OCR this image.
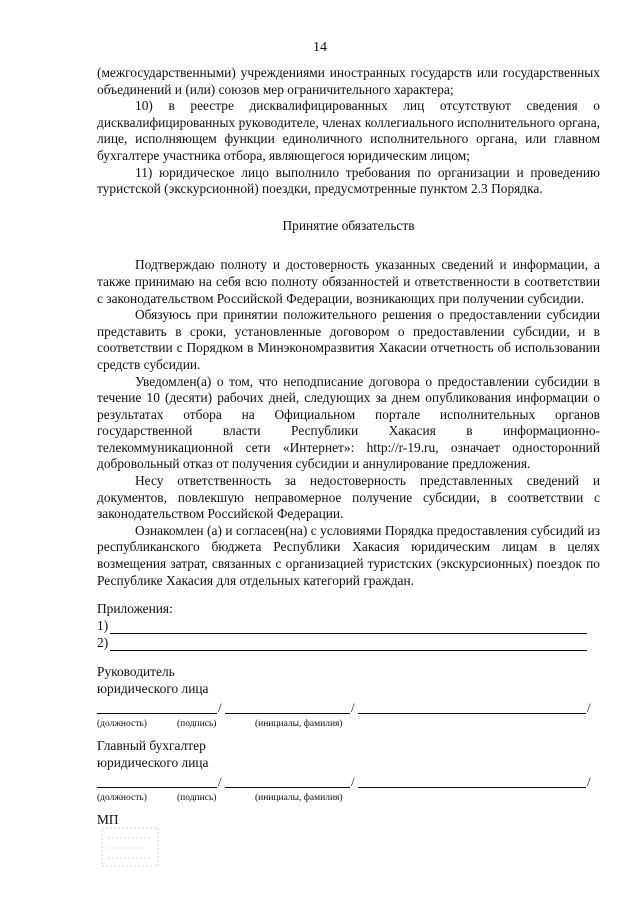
14

(межгосударственными) учреждениями иностранных государств или государственных объединений и (или) союзов мер ограничительного характера;

10) в реестре дисквалифицированных лиц отсутствуют сведения о дисквалифицированных руководителе, членах коллегиального исполнительного органа, лице, исполняющем функции единоличного исполнительного органа, или главном бухгалтере участника отбора, являющегося юридическим лицом;

11) юридическое лицо выполнило требования по организации и проведению туристской (экскурсионной) поездки, предусмотренные пунктом 2.3 Порядка.

Принятие обязательств

Подтверждаю полноту и достоверность указанных сведений и информации, а также принимаю на себя всю полноту обязанностей и ответственности в соответствии с законодательством Российской Федерации, возникающих при получении субсидии.

Обязуюсь при принятии положительного решения о предоставлении субсидии представить в сроки, установленные договором о предоставлении субсидии, и в соответствии с Порядком в Минэкономразвития Хакасии отчетность об использовании средств субсидии.

Уведомлен(а) о том, что неподписание договора о предоставлении субсидии в течение 10 (десяти) рабочих дней, следующих за днем опубликования информации о результатах отбора на Официальном портале исполнительных органов государственной власти Республики Хакасия в информационно-телекоммуникационной сети «Интернет»: http://r-19.ru, означает односторонний добровольный отказ от получения субсидии и аннулирование предложения.

Несу ответственность за недостоверность представленных сведений и документов, повлекшую неправомерное получение субсидии, в соответствии с законодательством Российской Федерации.

Ознакомлен (а) и согласен(на) с условиями Порядка предоставления субсидий из республиканского бюджета Республики Хакасия юридическим лицам в целях возмещения затрат, связанных с организацией туристских (экскурсионных) поездок по Республике Хакасия для отдельных категорий граждан.

Приложения:
1)
2)
Руководитель
юридического лица
/	/	/
(должность)	(подпись)	(инициалы, фамилия)
Главный бухгалтер
юридического лица
/	/	/
(должность)	(подпись)	(инициалы, фамилия)
МП
